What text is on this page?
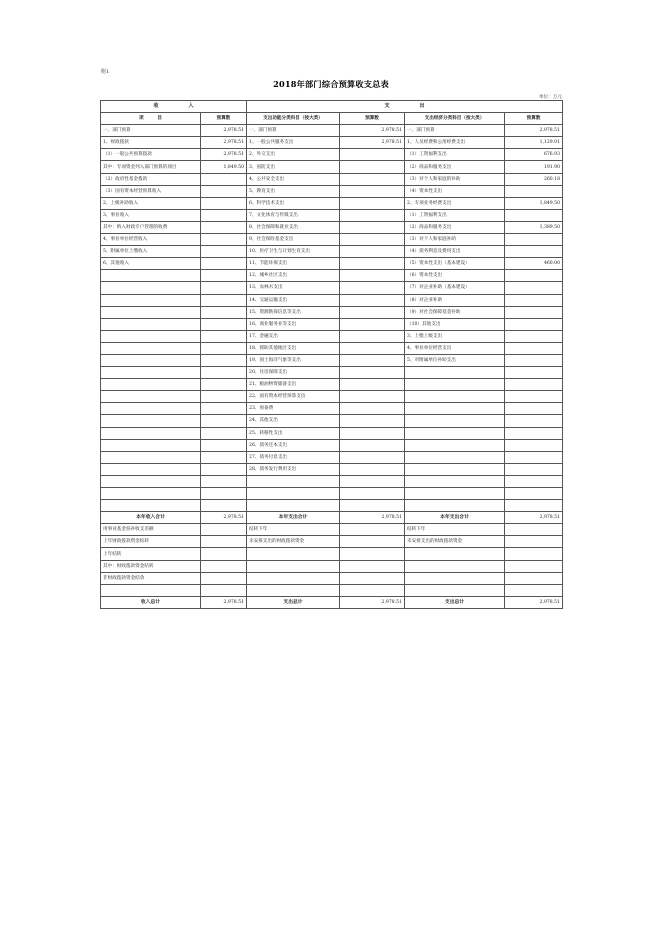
附1
2018年部门综合预算收支总表
单位：万元
收　　　　　　入		支　　　　　　出			
项　　　目	预算数	支出功能分类科目（按大类）	预算数	支出经济分类科目（按大类）	预算数
一、部门预算	2,978.51	一、部门预算	2,978.51	一、部门预算	2,978.51
1、财政拨款	2,978.51	1、一般公共服务支出	2,978.51	1、人员经费和公用经费支出	1,129.01
（1）一般公共预算拨款	2,978.51	2、外交支出		（1）工资福利支出	676.93
其中：专项资金列入部门预算的项目	1,849.50	3、国防支出		（2）商品和服务支出	191.90
（2）政府性基金拨款		4、公共安全支出		（3）对个人和家庭的补助	260.18
（3）国有资本经营预算收入		5、教育支出		（4）资本性支出	
2、上级补助收入		6、科学技术支出		2、专项业务经费支出	1,849.50
3、事业收入		7、文化体育与传媒支出		（1）工资福利支出	
其中：纳入财政专户管理的收费		8、社会保障和就业支出		（2）商品和服务支出	1,389.50
4、事业单位经营收入		9、社会保险基金支出		（3）对个人和家庭补助	
5、附属单位上缴收入		10、医疗卫生与计划生育支出		（4）债务利息及费用支出	
6、其他收入		11、节能环保支出		（5）资本性支出（基本建设）	460.00
		12、城乡社区支出		（6）资本性支出	
		13、农林水支出		（7）对企业补助（基本建设）	
		14、交通运输支出		（8）对企业补助	
		15、资源勘探信息等支出		（9）对社会保障基金补助	
		16、商业服务业等支出		（10）其他支出	
		17、金融支出		3、上缴上级支出	
		18、援助其他地区支出		4、事业单位经营支出	
		19、国土海洋气象等支出		5、对附属单位补助支出	
		20、住房保障支出			
		21、粮油物资储备支出			
		22、国有资本经营预算支出			
		23、预备费			
		24、其他支出			
		25、转移性支出			
		26、债务还本支出			
		27、债务付息支出			
		28、债务发行费用支出			

本年收入合计	2,978.51	本年支出合计	2,978.51	本年支出合计	2,978.51
用事业基金弥补收支差额		结转下年		结转下年	
上年财政拨款资金结转		未安排支出的财政拨款资金		未安排支出的财政拨款资金	
上年结转					
其中：财政拨款资金结转					
非财政拨款资金结余					

收入总计	2,978.51	支出总计	2,978.51	支出总计	2,978.51
